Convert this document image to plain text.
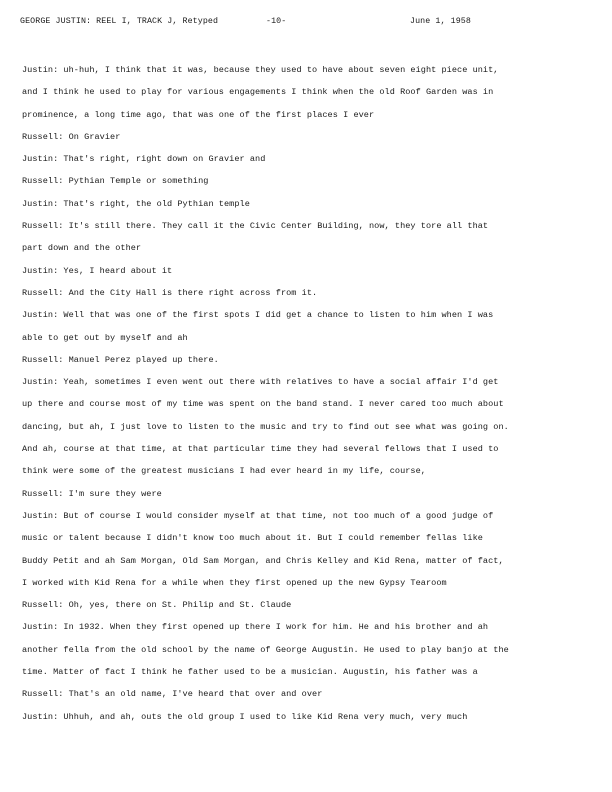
GEORGE JUSTIN: REEL I, TRACK J, Retyped	-10-	June 1, 1958
Justin: uh-huh, I think that it was, because they used to have about seven eight piece unit,
and I think he used to play for various engagements I think when the old Roof Garden was in
prominence, a long time ago, that was one of the first places I ever
Russell: On Gravier
Justin: That's right, right down on Gravier and
Russell: Pythian Temple or something
Justin: That's right, the old Pythian temple
Russell: It's still there. They call it the Civic Center Building, now, they tore all that
part down and the other
Justin: Yes, I heard about it
Russell: And the City Hall is there right across from it.
Justin: Well that was one of the first spots I did get a chance to listen to him when I was
able to get out by myself and ah
Russell: Manuel Perez played up there.
Justin: Yeah, sometimes I even went out there with relatives to have a social affair I'd get
up there and course most of my time was spent on the band stand. I never cared too much about
dancing, but ah, I just love to listen to the music and try to find out see what was going on.
And ah, course at that time, at that particular time they had several fellows that I used to
think were some of the greatest musicians I had ever heard in my life, course,
Russell: I'm sure they were
Justin: But of course I would consider myself at that time, not too much of a good judge of
music or talent because I didn't know too much about it. But I could remember fellas like
Buddy Petit and ah Sam Morgan, Old Sam Morgan, and Chris Kelley and Kid Rena, matter of fact,
I worked with Kid Rena for a while when they first opened up the new Gypsy Tearoom
Russell: Oh, yes, there on St. Philip and St. Claude
Justin: In 1932. When they first opened up there I work for him. He and his brother and ah
another fella from the old school by the name of George Augustin. He used to play banjo at the
time. Matter of fact I think he father used to be a musician. Augustin, his father was a
Russell: That's an old name, I've heard that over and over
Justin: Uhhuh, and ah, outs the old group I used to like Kid Rena very much, very much
